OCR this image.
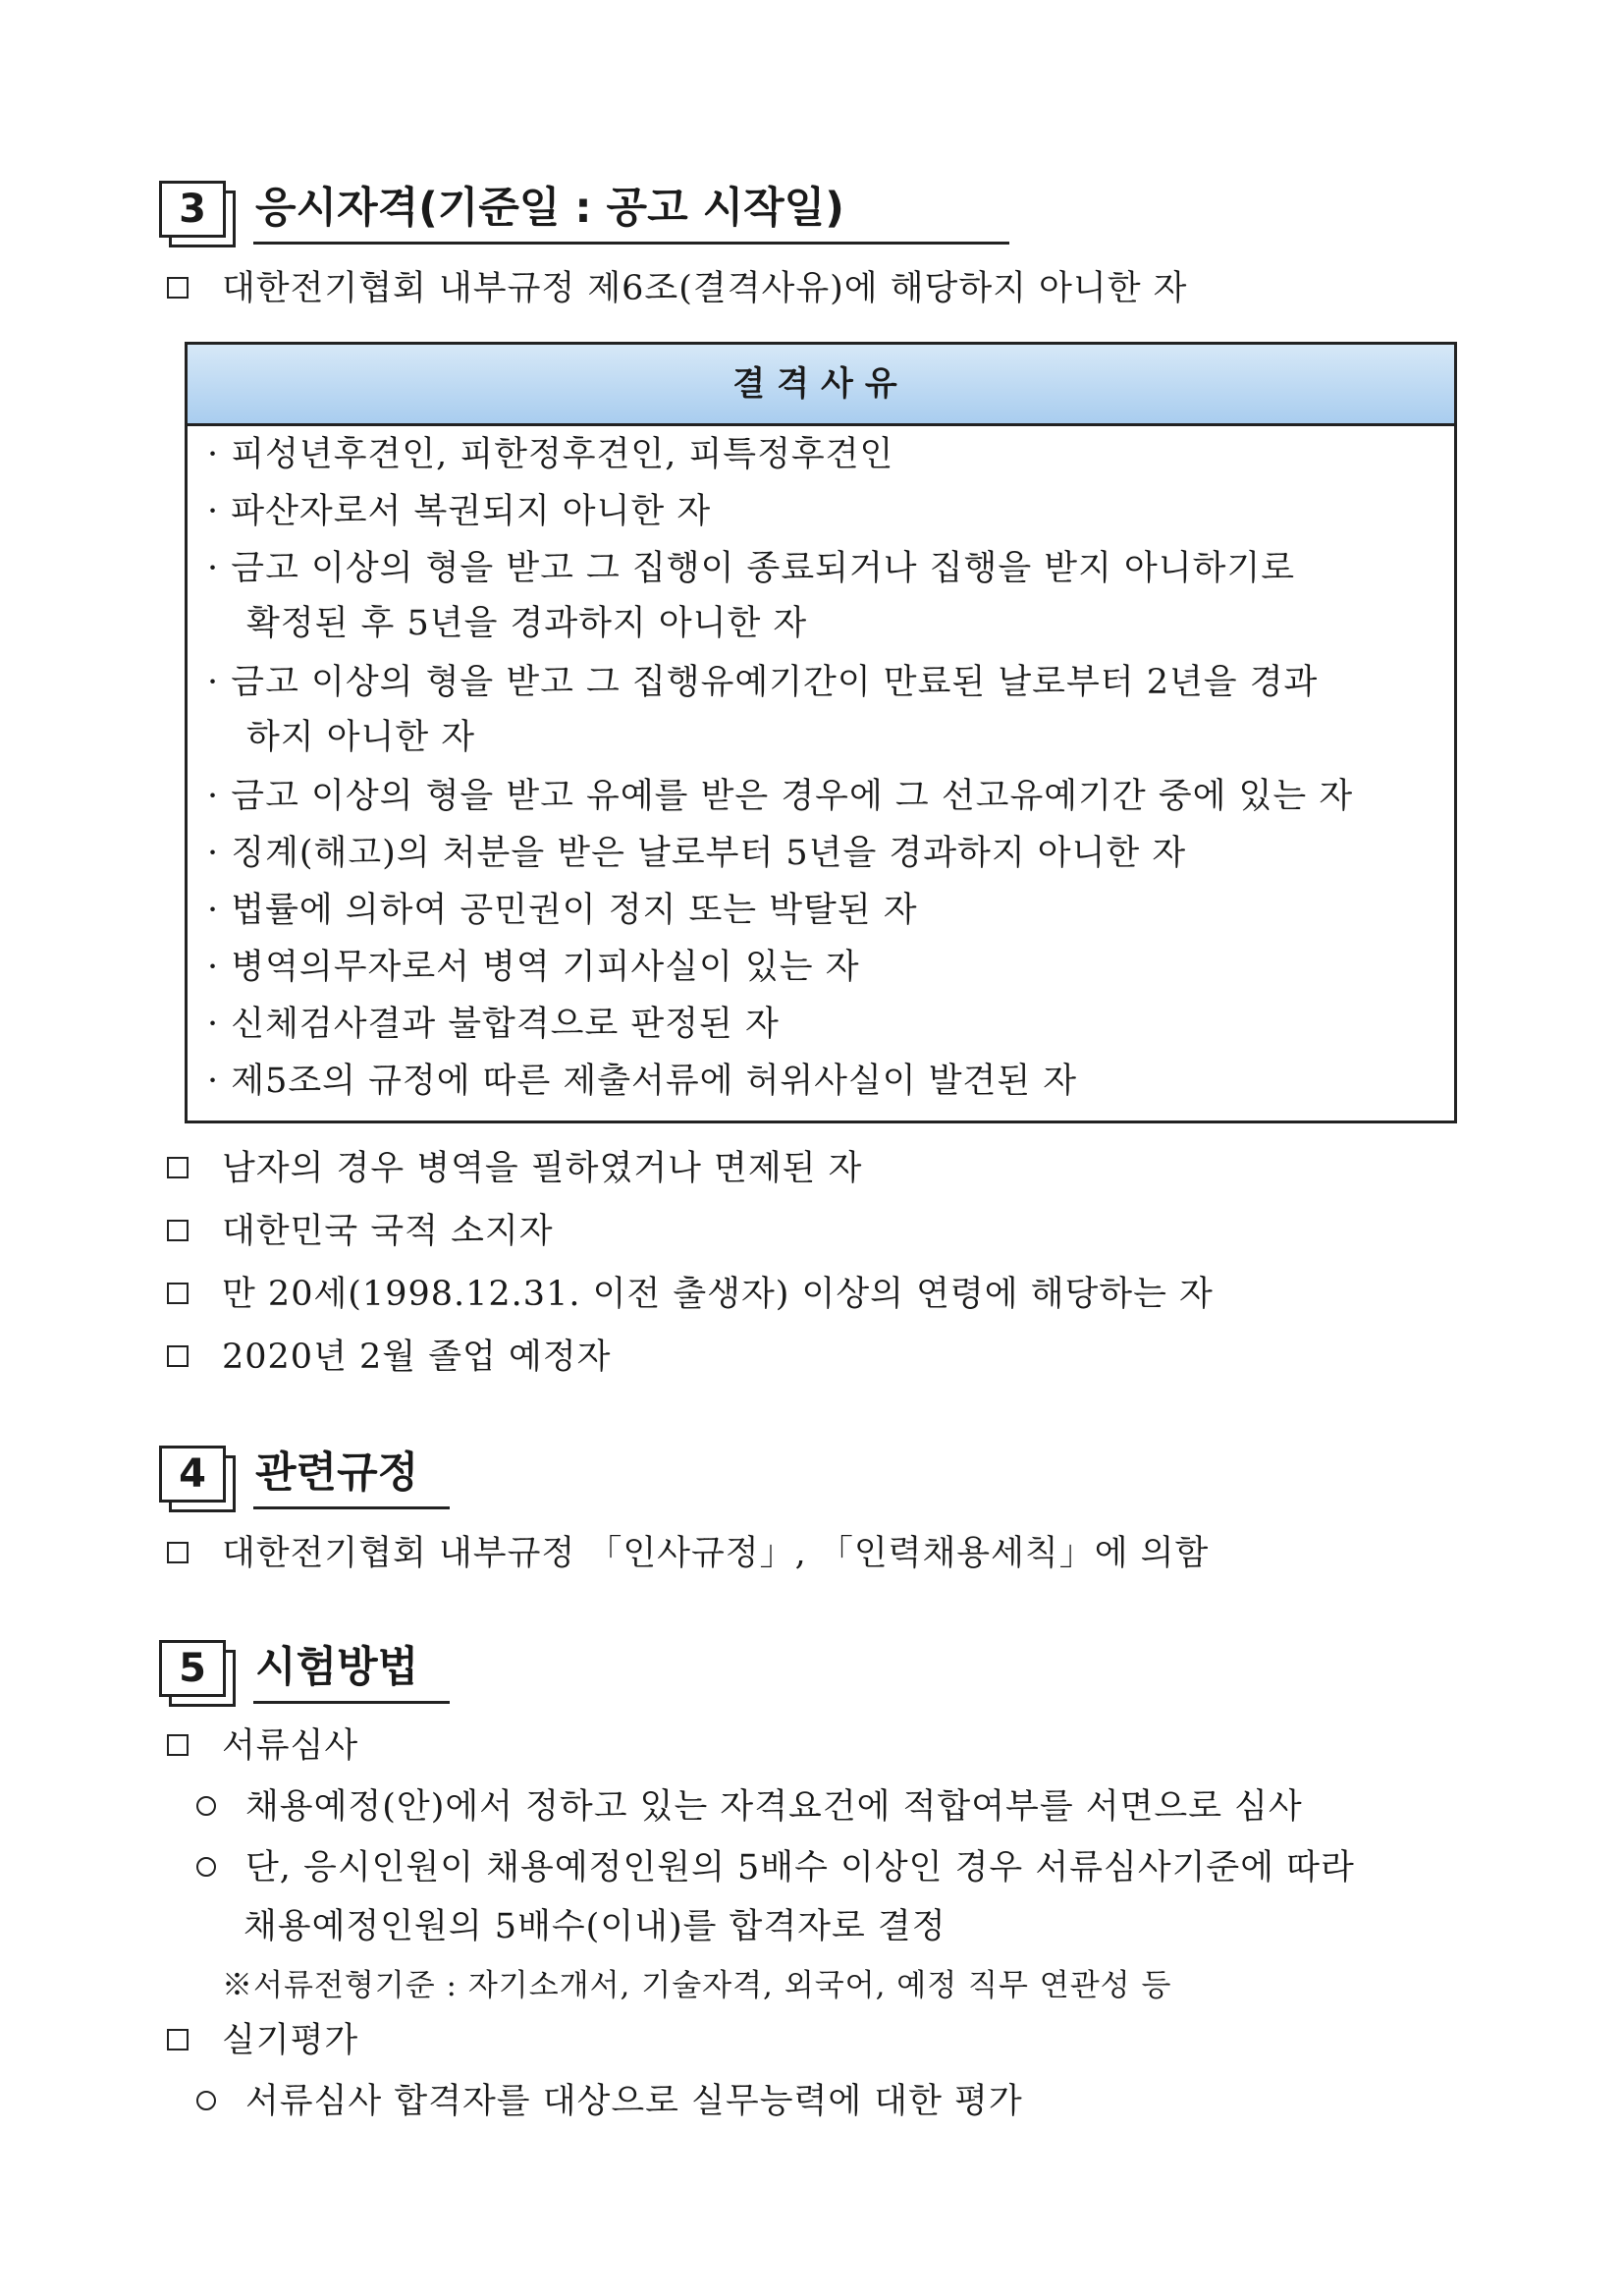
3	응시자격(기준일 : 공고 시작일)
대한전기협회 내부규정 제6조(결격사유)에 해당하지 아니한 자
결격사유
· 피성년후견인, 피한정후견인, 피특정후견인
· 파산자로서 복권되지 아니한 자
· 금고 이상의 형을 받고 그 집행이 종료되거나 집행을 받지 아니하기로
확정된 후 5년을 경과하지 아니한 자
· 금고 이상의 형을 받고 그 집행유예기간이 만료된 날로부터 2년을 경과
하지 아니한 자
· 금고 이상의 형을 받고 유예를 받은 경우에 그 선고유예기간 중에 있는 자
· 징계(해고)의 처분을 받은 날로부터 5년을 경과하지 아니한 자
· 법률에 의하여 공민권이 정지 또는 박탈된 자
· 병역의무자로서 병역 기피사실이 있는 자
· 신체검사결과 불합격으로 판정된 자
· 제5조의 규정에 따른 제출서류에 허위사실이 발견된 자
남자의 경우 병역을 필하였거나 면제된 자
대한민국 국적 소지자
만 20세(1998.12.31. 이전 출생자) 이상의 연령에 해당하는 자
2020년 2월 졸업 예정자
4	관련규정
대한전기협회 내부규정 「인사규정」, 「인력채용세칙」에 의함
5	시험방법
서류심사
채용예정(안)에서 정하고 있는 자격요건에 적합여부를 서면으로 심사
단, 응시인원이 채용예정인원의 5배수 이상인 경우 서류심사기준에 따라
채용예정인원의 5배수(이내)를 합격자로 결정
※서류전형기준 : 자기소개서, 기술자격, 외국어, 예정 직무 연관성 등
실기평가
서류심사 합격자를 대상으로 실무능력에 대한 평가
